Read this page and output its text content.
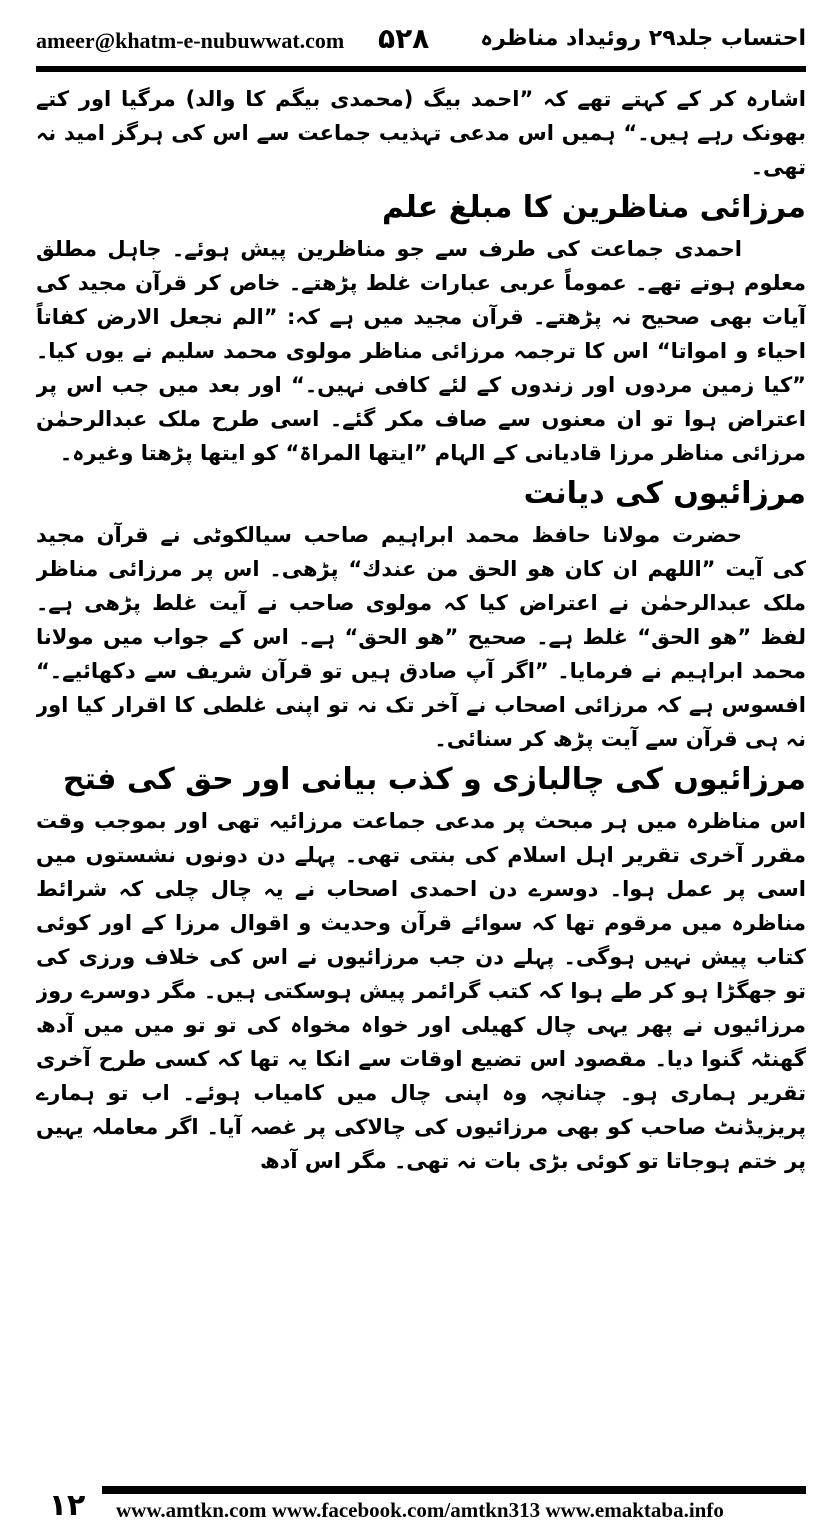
ameer@khatm-e-nubuwwat.com ۵۲۸ احتساب جلد۲۹ روئیداد مناظرہ

اشارہ کر کے کہتے تھے کہ ”احمد بیگ (محمدی بیگم کا والد) مرگیا اور کتے بھونک رہے ہیں۔“ ہمیں اس مدعی تہذیب جماعت سے اس کی ہرگز امید نہ تھی۔

مرزائی مناظرین کا مبلغ علم

احمدی جماعت کی طرف سے جو مناظرین پیش ہوئے۔ جاہل مطلق معلوم ہوتے تھے۔ عموماً عربی عبارات غلط پڑھتے۔ خاص کر قرآن مجید کی آیات بھی صحیح نہ پڑھتے۔ قرآن مجید میں ہے کہ: ”الم نجعل الارض كفاتاً احياء و امواتا“ اس کا ترجمہ مرزائی مناظر مولوی محمد سلیم نے یوں کیا۔ ”کیا زمین مردوں اور زندوں کے لئے کافی نہیں۔“ اور بعد میں جب اس پر اعتراض ہوا تو ان معنوں سے صاف مکر گئے۔ اسی طرح ملک عبدالرحمٰن مرزائی مناظر مرزا قادیانی کے الہام ”ایتھا المراۃ“ کو ایتھا پڑھتا وغیرہ۔

مرزائیوں کی دیانت

حضرت مولانا حافظ محمد ابراہیم صاحب سیالکوٹی نے قرآن مجید کی آیت ”اللهم ان كان هو الحق من عندك“ پڑھی۔ اس پر مرزائی مناظر ملک عبدالرحمٰن نے اعتراض کیا کہ مولوی صاحب نے آیت غلط پڑھی ہے۔ لفظ ”هو الحق“ غلط ہے۔ صحیح ”هو الحق“ ہے۔ اس کے جواب میں مولانا محمد ابراہیم نے فرمایا۔ ”اگر آپ صادق ہیں تو قرآن شریف سے دکھائیے۔“ افسوس ہے کہ مرزائی اصحاب نے آخر تک نہ تو اپنی غلطی کا اقرار کیا اور نہ ہی قرآن سے آیت پڑھ کر سنائی۔

مرزائیوں کی چالبازی و کذب بیانی اور حق کی فتح

اس مناظرہ میں ہر مبحث پر مدعی جماعت مرزائیہ تھی اور بموجب وقت مقرر آخری تقریر اہل اسلام کی بنتی تھی۔ پہلے دن دونوں نشستوں میں اسی پر عمل ہوا۔ دوسرے دن احمدی اصحاب نے یہ چال چلی کہ شرائط مناظرہ میں مرقوم تھا کہ سوائے قرآن وحدیث و اقوال مرزا کے اور کوئی کتاب پیش نہیں ہوگی۔ پہلے دن جب مرزائیوں نے اس کی خلاف ورزی کی تو جھگڑا ہو کر طے ہوا کہ کتب گرائمر پیش ہوسکتی ہیں۔ مگر دوسرے روز مرزائیوں نے پھر یہی چال کھیلی اور خواہ مخواہ کی تو تو میں میں آدھ گھنٹہ گنوا دیا۔ مقصود اس تضیع اوقات سے انکا یہ تھا کہ کسی طرح آخری تقریر ہماری ہو۔ چنانچہ وہ اپنی چال میں کامیاب ہوئے۔ اب تو ہمارے پریزیڈنٹ صاحب کو بھی مرزائیوں کی چالاکی پر غصہ آیا۔ اگر معاملہ یہیں پر ختم ہوجاتا تو کوئی بڑی بات نہ تھی۔ مگر اس آدھ

۱۲	www.amtkn.com www.facebook.com/amtkn313 www.emaktaba.info
